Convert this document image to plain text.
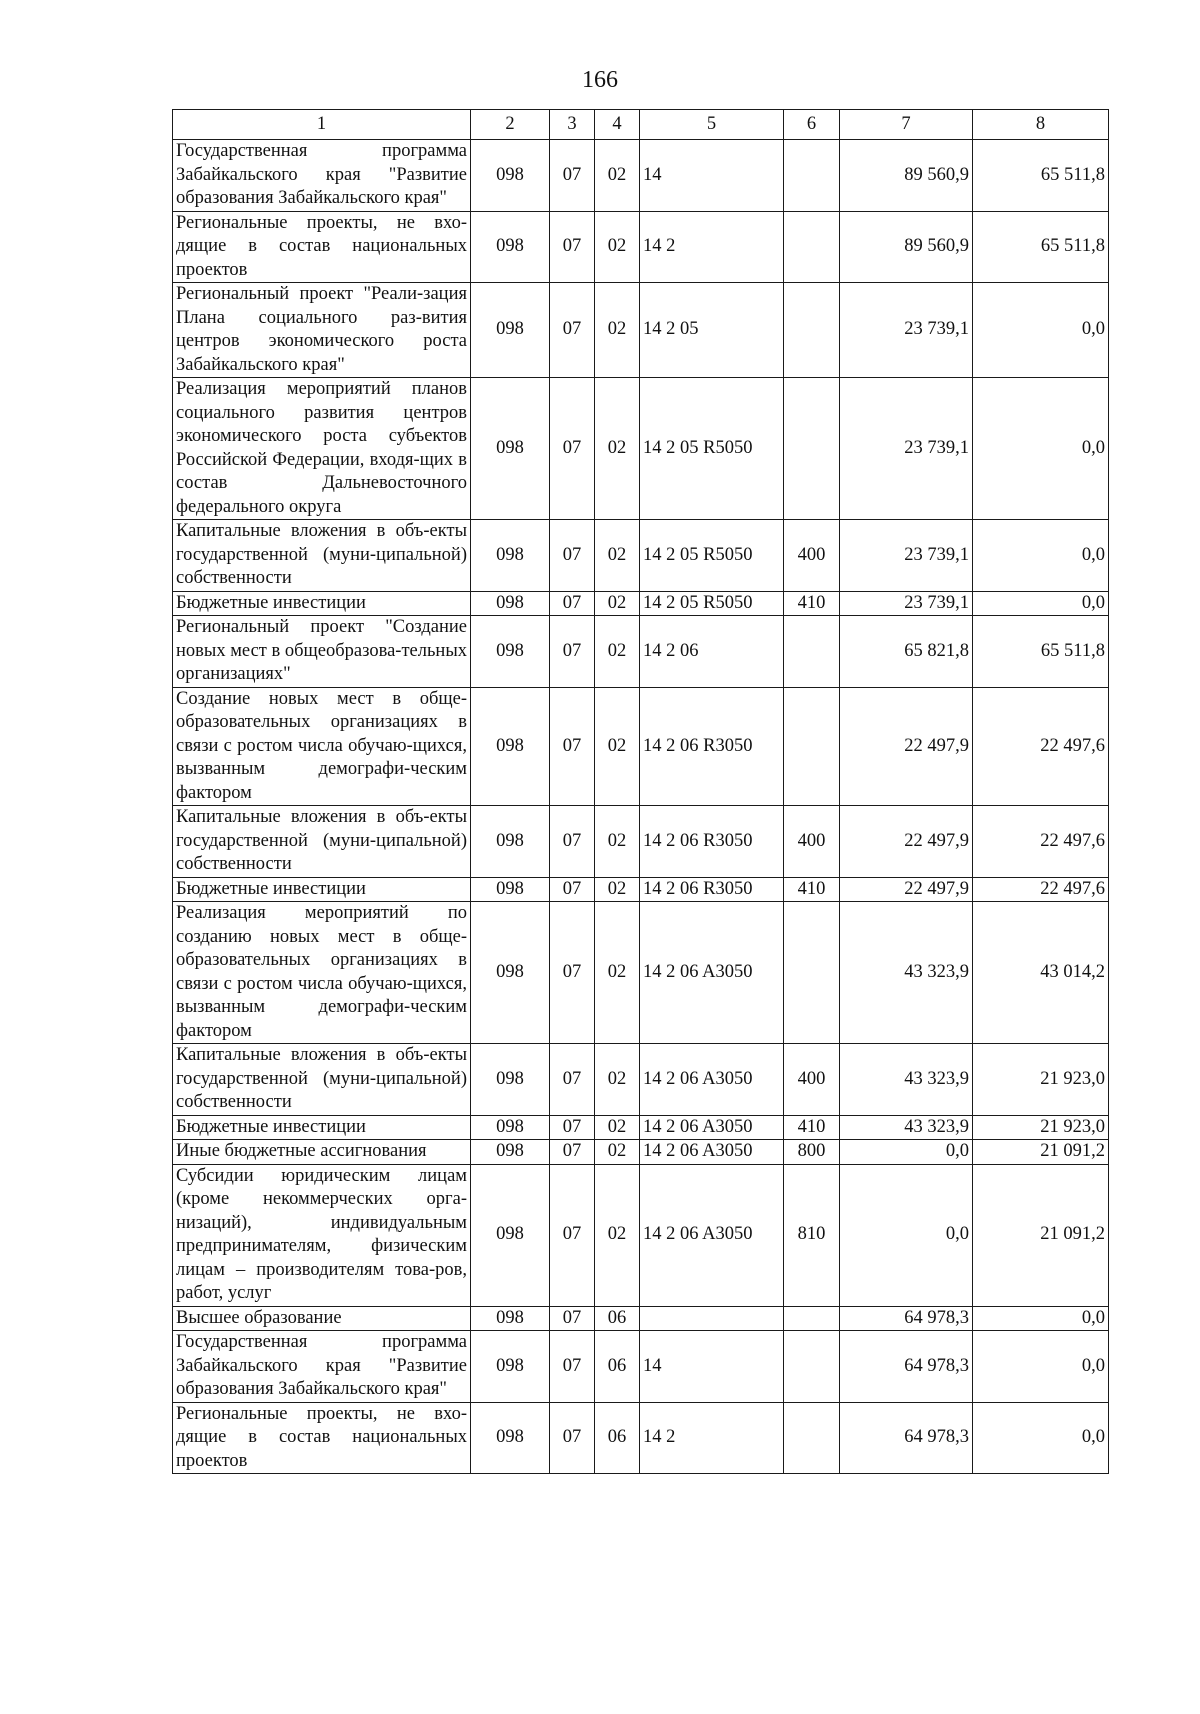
166
1	2	3	4	5	6	7	8
Государственная программа Забайкальского края "Развитие образования Забайкальского края"	098	07	02	14		89 560,9	65 511,8
Региональные проекты, не вхо-дящие в состав национальных проектов	098	07	02	14 2		89 560,9	65 511,8
Региональный проект "Реали-зация Плана социального раз-вития центров экономического роста Забайкальского края"	098	07	02	14 2 05		23 739,1	0,0
Реализация мероприятий планов социального развития центров экономического роста субъектов Российской Федерации, входя-щих в состав Дальневосточного федерального округа	098	07	02	14 2 05 R5050		23 739,1	0,0
Капитальные вложения в объ-екты государственной (муни-ципальной) собственности	098	07	02	14 2 05 R5050	400	23 739,1	0,0
Бюджетные инвестиции	098	07	02	14 2 05 R5050	410	23 739,1	0,0
Региональный проект "Создание новых мест в общеобразова-тельных организациях"	098	07	02	14 2 06		65 821,8	65 511,8
Создание новых мест в обще-образовательных организациях в связи с ростом числа обучаю-щихся, вызванным демографи-ческим фактором	098	07	02	14 2 06 R3050		22 497,9	22 497,6
Капитальные вложения в объ-екты государственной (муни-ципальной) собственности	098	07	02	14 2 06 R3050	400	22 497,9	22 497,6
Бюджетные инвестиции	098	07	02	14 2 06 R3050	410	22 497,9	22 497,6
Реализация мероприятий по созданию новых мест в обще-образовательных организациях в связи с ростом числа обучаю-щихся, вызванным демографи-ческим фактором	098	07	02	14 2 06 A3050		43 323,9	43 014,2
Капитальные вложения в объ-екты государственной (муни-ципальной) собственности	098	07	02	14 2 06 A3050	400	43 323,9	21 923,0
Бюджетные инвестиции	098	07	02	14 2 06 A3050	410	43 323,9	21 923,0
Иные бюджетные ассигнования	098	07	02	14 2 06 A3050	800	0,0	21 091,2
Субсидии юридическим лицам (кроме некоммерческих орга-низаций), индивидуальным предпринимателям, физическим лицам – производителям това-ров, работ, услуг	098	07	02	14 2 06 A3050	810	0,0	21 091,2
Высшее образование	098	07	06			64 978,3	0,0
Государственная программа Забайкальского края "Развитие образования Забайкальского края"	098	07	06	14		64 978,3	0,0
Региональные проекты, не вхо-дящие в состав национальных проектов	098	07	06	14 2		64 978,3	0,0
